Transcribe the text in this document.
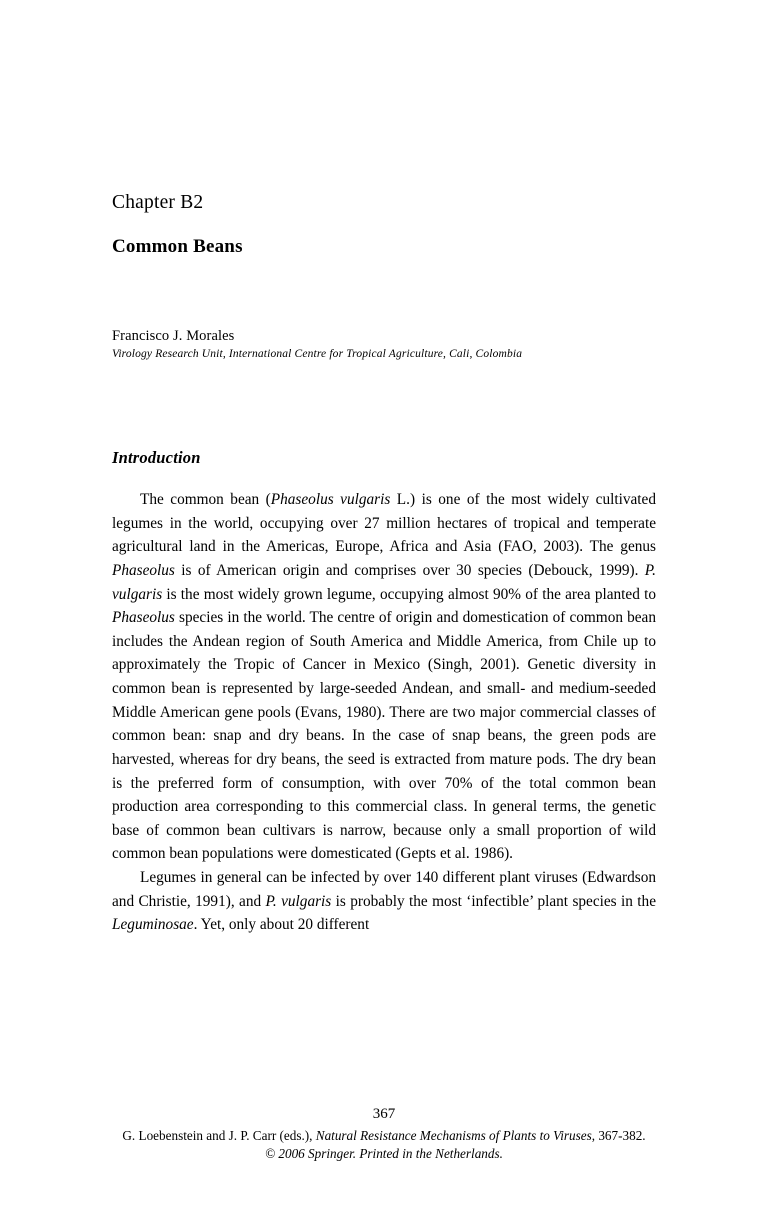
Chapter B2
Common Beans
Francisco J. Morales
Virology Research Unit, International Centre for Tropical Agriculture, Cali, Colombia
Introduction

The common bean (Phaseolus vulgaris L.) is one of the most widely cultivated legumes in the world, occupying over 27 million hectares of tropical and temperate agricultural land in the Americas, Europe, Africa and Asia (FAO, 2003). The genus Phaseolus is of American origin and comprises over 30 species (Debouck, 1999). P. vulgaris is the most widely grown legume, occupying almost 90% of the area planted to Phaseolus species in the world. The centre of origin and domestication of common bean includes the Andean region of South America and Middle America, from Chile up to approximately the Tropic of Cancer in Mexico (Singh, 2001). Genetic diversity in common bean is represented by large-seeded Andean, and small- and medium-seeded Middle American gene pools (Evans, 1980). There are two major commercial classes of common bean: snap and dry beans. In the case of snap beans, the green pods are harvested, whereas for dry beans, the seed is extracted from mature pods. The dry bean is the preferred form of consumption, with over 70% of the total common bean production area corresponding to this commercial class. In general terms, the genetic base of common bean cultivars is narrow, because only a small proportion of wild common bean populations were domesticated (Gepts et al. 1986).

Legumes in general can be infected by over 140 different plant viruses (Edwardson and Christie, 1991), and P. vulgaris is probably the most ‘infectible’ plant species in the Leguminosae. Yet, only about 20 different

367
G. Loebenstein and J. P. Carr (eds.), Natural Resistance Mechanisms of Plants to Viruses, 367-382.
© 2006 Springer. Printed in the Netherlands.
